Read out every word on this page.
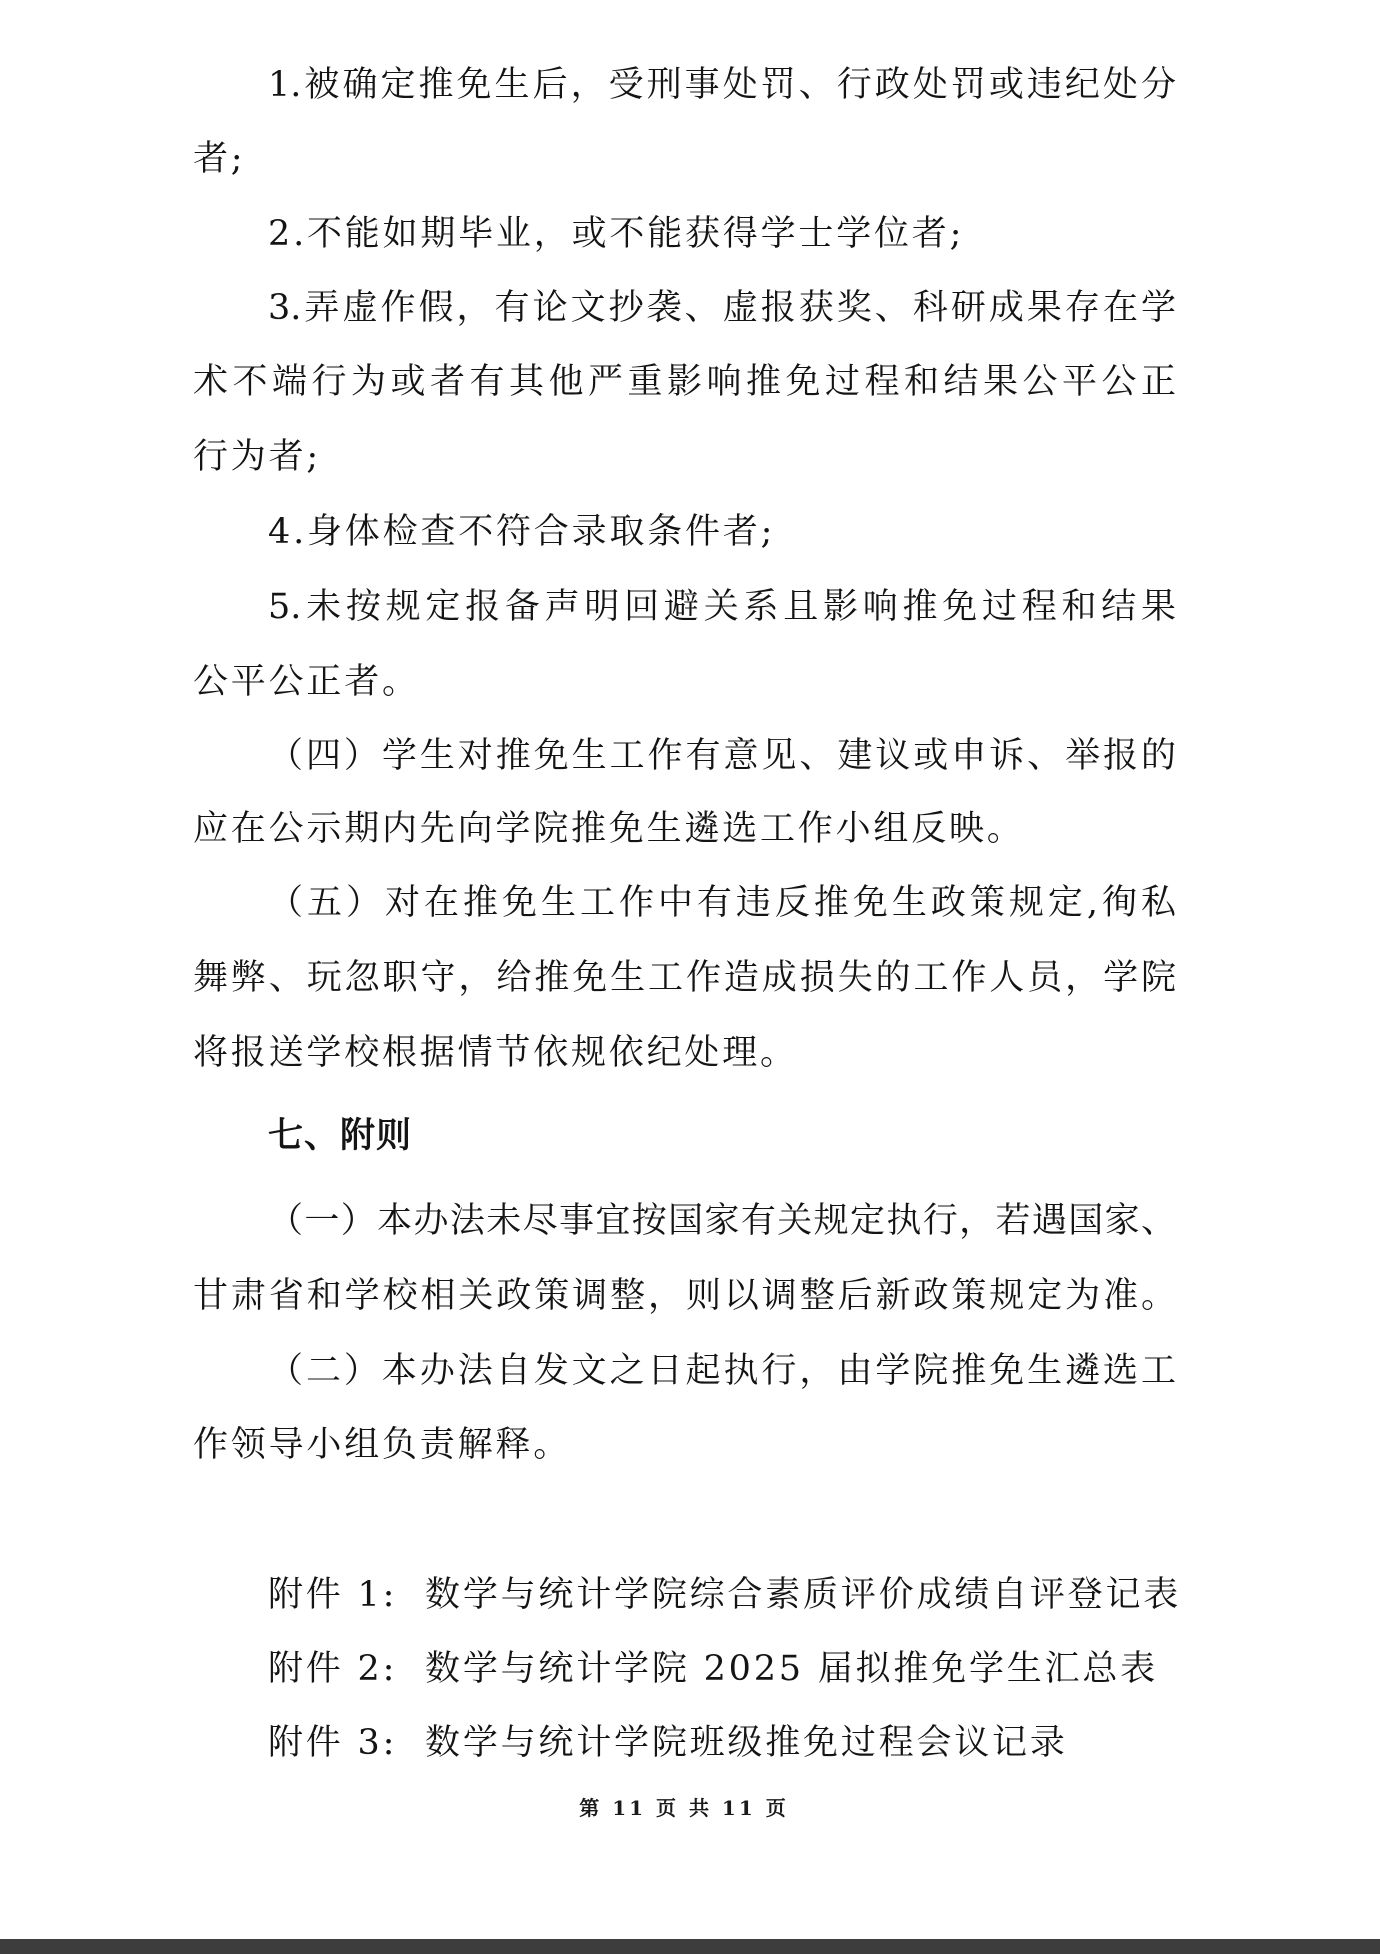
1.被确定推免生后，受刑事处罚、行政处罚或违纪处分
者;
2.不能如期毕业，或不能获得学士学位者;
3.弄虚作假，有论文抄袭、虚报获奖、科研成果存在学
术不端行为或者有其他严重影响推免过程和结果公平公正
行为者;
4.身体检查不符合录取条件者;
5.未按规定报备声明回避关系且影响推免过程和结果
公平公正者。
（四）学生对推免生工作有意见、建议或申诉、举报的
应在公示期内先向学院推免生遴选工作小组反映。
（五）对在推免生工作中有违反推免生政策规定,徇私
舞弊、玩忽职守，给推免生工作造成损失的工作人员，学院
将报送学校根据情节依规依纪处理。
七、附则
（一）本办法未尽事宜按国家有关规定执行，若遇国家、
甘肃省和学校相关政策调整，则以调整后新政策规定为准。
（二）本办法自发文之日起执行，由学院推免生遴选工
作领导小组负责解释。
附件 1:  数学与统计学院综合素质评价成绩自评登记表
附件 2:  数学与统计学院 2025 届拟推免学生汇总表
附件 3:  数学与统计学院班级推免过程会议记录
第 11 页 共 11 页
